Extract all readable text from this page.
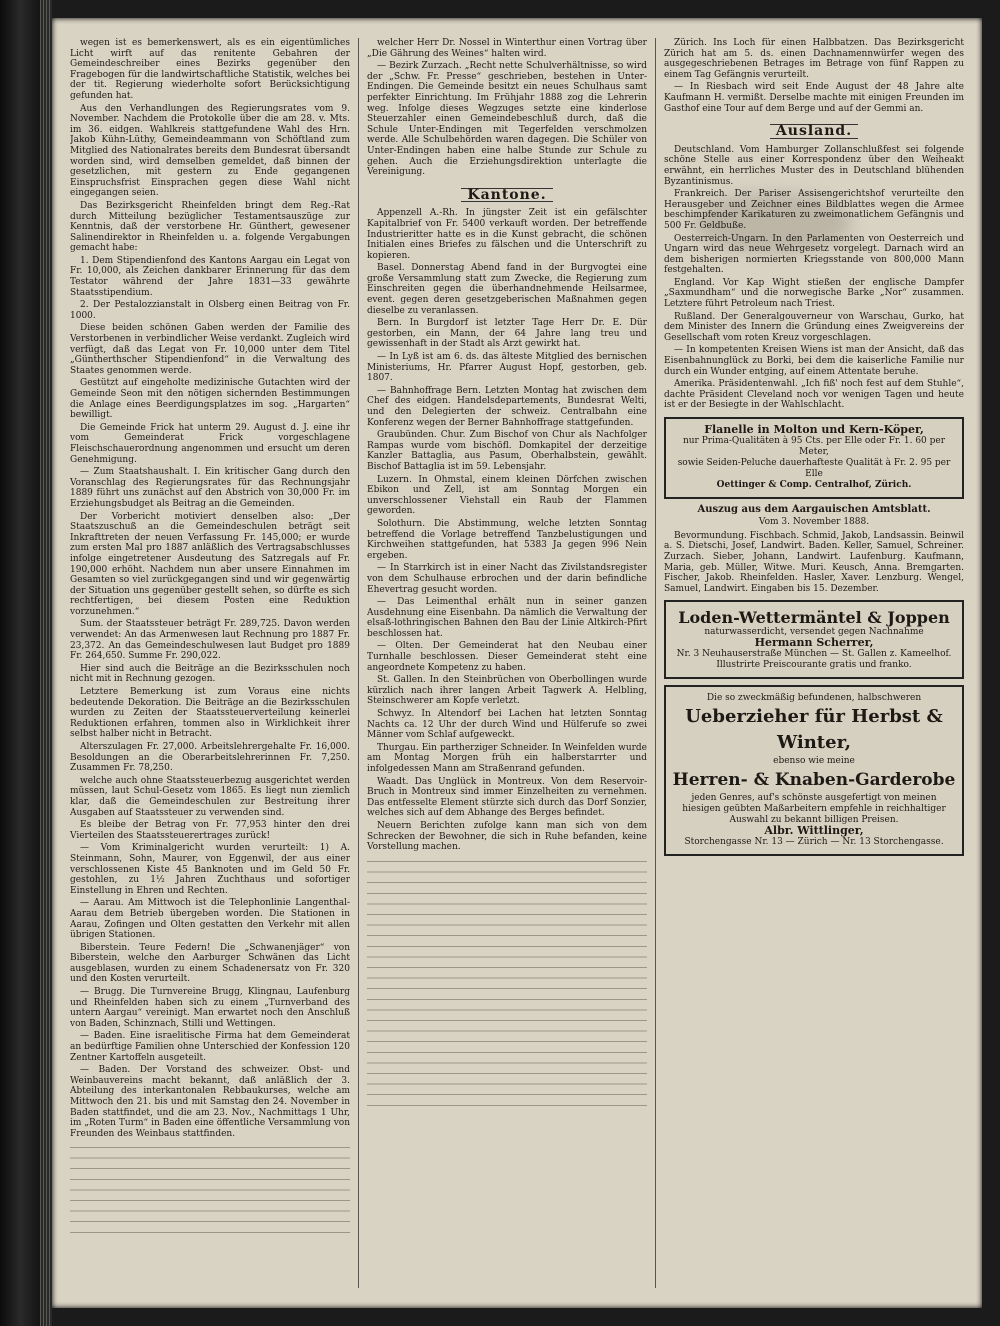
wegen ist es bemerkenswert, als es ein eigentümliches Licht wirft auf das renitente Gebahren der Gemeindeschreiber eines Bezirks gegenüber den Fragebogen für die landwirtschaftliche Statistik, welches bei der tit. Regierung wiederholte sofort Berücksichtigung gefunden hat.

Aus den Verhandlungen des Regierungsrates vom 9. November. Nachdem die Protokolle über die am 28. v. Mts. im 36. eidgen. Wahlkreis stattgefundene Wahl des Hrn. Jakob Kühn-Lüthy, Gemeindeammann von Schöftland zum Mitglied des Nationalrates bereits dem Bundesrat übersandt worden sind, wird demselben gemeldet, daß binnen der gesetzlichen, mit gestern zu Ende gegangenen Einspruchsfrist Einsprachen gegen diese Wahl nicht eingegangen seien.

Das Bezirksgericht Rheinfelden bringt dem Reg.-Rat durch Mitteilung bezüglicher Testamentsauszüge zur Kenntnis, daß der verstorbene Hr. Günthert, gewesener Salinendirektor in Rheinfelden u. a. folgende Vergabungen gemacht habe:

1. Dem Stipendienfond des Kantons Aargau ein Legat von Fr. 10,000, als Zeichen dankbarer Erinnerung für das dem Testator während der Jahre 1831—33 gewährte Staatsstipendium.

2. Der Pestalozzianstalt in Olsberg einen Beitrag von Fr. 1000.

Diese beiden schönen Gaben werden der Familie des Verstorbenen in verbindlicher Weise verdankt. Zugleich wird verfügt, daß das Legat von Fr. 10,000 unter dem Titel „Güntherthscher Stipendienfond“ in die Verwaltung des Staates genommen werde.

Gestützt auf eingeholte medizinische Gutachten wird der Gemeinde Seon mit den nötigen sichernden Bestimmungen die Anlage eines Beerdigungsplatzes im sog. „Hargarten“ bewilligt.

Die Gemeinde Frick hat unterm 29. August d. J. eine ihr vom Gemeinderat Frick vorgeschlagene Fleischschauerordnung angenommen und ersucht um deren Genehmigung.

— Zum Staatshaushalt. I. Ein kritischer Gang durch den Voranschlag des Regierungsrates für das Rechnungsjahr 1889 führt uns zunächst auf den Abstrich von 30,000 Fr. im Erziehungsbudget als Beitrag an die Gemeinden.

Der Vorbericht motiviert denselben also: „Der Staatszuschuß an die Gemeindeschulen beträgt seit Inkrafttreten der neuen Verfassung Fr. 145,000; er wurde zum ersten Mal pro 1887 anläßlich des Vertragsabschlusses infolge eingetretener Ausdeutung des Satzregals auf Fr. 190,000 erhöht. Nachdem nun aber unsere Einnahmen im Gesamten so viel zurückgegangen sind und wir gegenwärtig der Situation uns gegenüber gestellt sehen, so dürfte es sich rechtfertigen, bei diesem Posten eine Reduktion vorzunehmen.“

Sum. der Staatssteuer beträgt Fr. 289,725. Davon werden verwendet: An das Armenwesen laut Rechnung pro 1887 Fr. 23,372. An das Gemeindeschulwesen laut Budget pro 1889 Fr. 264,650. Summe Fr. 290,022.

Hier sind auch die Beiträge an die Bezirksschulen noch nicht mit in Rechnung gezogen.

Letztere Bemerkung ist zum Voraus eine nichts bedeutende Dekoration. Die Beiträge an die Bezirksschulen wurden zu Zeiten der Staatssteuerverteilung keinerlei Reduktionen erfahren, tommen also in Wirklichkeit ihrer selbst halber nicht in Betracht.

Alterszulagen Fr. 27,000. Arbeitslehrergehalte Fr. 16,000. Besoldungen an die Oberarbeitslehrerinnen Fr. 7,250. Zusammen Fr. 78,250.

welche auch ohne Staatssteuerbezug ausgerichtet werden müssen, laut Schul-Gesetz vom 1865. Es liegt nun ziemlich klar, daß die Gemeindeschulen zur Bestreitung ihrer Ausgaben auf Staatssteuer zu verwenden sind.

Es bleibe der Betrag von Fr. 77,953 hinter den drei Vierteilen des Staatssteuerertrages zurück!

— Vom Kriminalgericht wurden verurteilt: 1) A. Steinmann, Sohn, Maurer, von Eggenwil, der aus einer verschlossenen Kiste 45 Banknoten und im Geld 50 Fr. gestohlen, zu 1½ Jahren Zuchthaus und sofortiger Einstellung in Ehren und Rechten.

— Aarau. Am Mittwoch ist die Telephonlinie Langenthal-Aarau dem Betrieb übergeben worden. Die Stationen in Aarau, Zofingen und Olten gestatten den Verkehr mit allen übrigen Stationen.

Biberstein. Teure Federn! Die „Schwanenjäger“ von Biberstein, welche den Aarburger Schwänen das Licht ausgeblasen, wurden zu einem Schadenersatz von Fr. 320 und den Kosten verurteilt.

— Brugg. Die Turnvereine Brugg, Klingnau, Laufenburg und Rheinfelden haben sich zu einem „Turnverband des untern Aargau“ vereinigt. Man erwartet noch den Anschluß von Baden, Schinznach, Stilli und Wettingen.

— Baden. Eine israelitische Firma hat dem Gemeinderat an bedürftige Familien ohne Unterschied der Konfession 120 Zentner Kartoffeln ausgeteilt.

— Baden. Der Vorstand des schweizer. Obst- und Weinbauvereins macht bekannt, daß anläßlich der 3. Abteilung des interkantonalen Rebbaukurses, welche am Mittwoch den 21. bis und mit Samstag den 24. November in Baden stattfindet, und die am 23. Nov., Nachmittags 1 Uhr, im „Roten Turm“ in Baden eine öffentliche Versammlung von Freunden des Weinbaus stattfinden.

welcher Herr Dr. Nossel in Winterthur einen Vortrag über „Die Gährung des Weines“ halten wird.

— Bezirk Zurzach. „Recht nette Schulverhältnisse, so wird der „Schw. Fr. Presse“ geschrieben, bestehen in Unter-Endingen. Die Gemeinde besitzt ein neues Schulhaus samt perfekter Einrichtung. Im Frühjahr 1888 zog die Lehrerin weg. Infolge dieses Wegzuges setzte eine kinderlose Steuerzahler einen Gemeindebeschluß durch, daß die Schule Unter-Endingen mit Tegerfelden verschmolzen werde. Alle Schulbehörden waren dagegen. Die Schüler von Unter-Endingen haben eine halbe Stunde zur Schule zu gehen. Auch die Erziehungsdirektion unterlagte die Vereinigung.

Kantone.

Appenzell A.-Rh. In jüngster Zeit ist ein gefälschter Kapitalbrief von Fr. 5400 verkauft worden. Der betreffende Industrieritter hatte es in die Kunst gebracht, die schönen Initialen eines Briefes zu fälschen und die Unterschrift zu kopieren.

Basel. Donnerstag Abend fand in der Burgvogtei eine große Versammlung statt zum Zwecke, die Regierung zum Einschreiten gegen die überhandnehmende Heilsarmee, event. gegen deren gesetzgeberischen Maßnahmen gegen dieselbe zu veranlassen.

Bern. In Burgdorf ist letzter Tage Herr Dr. E. Dür gestorben, ein Mann, der 64 Jahre lang treu und gewissenhaft in der Stadt als Arzt gewirkt hat.

— In Lyß ist am 6. ds. das älteste Mitglied des bernischen Ministeriums, Hr. Pfarrer August Hopf, gestorben, geb. 1807.

— Bahnhoffrage Bern. Letzten Montag hat zwischen dem Chef des eidgen. Handelsdepartements, Bundesrat Welti, und den Delegierten der schweiz. Centralbahn eine Konferenz wegen der Berner Bahnhoffrage stattgefunden.

Graubünden. Chur. Zum Bischof von Chur als Nachfolger Rampas wurde vom bischöfl. Domkapitel der derzeitige Kanzler Battaglia, aus Pasum, Oberhalbstein, gewählt. Bischof Battaglia ist im 59. Lebensjahr.

Luzern. In Ohmstal, einem kleinen Dörfchen zwischen Ebikon und Zell, ist am Sonntag Morgen ein unverschlossener Viehstall ein Raub der Flammen geworden.

Solothurn. Die Abstimmung, welche letzten Sonntag betreffend die Vorlage betreffend Tanzbelustigungen und Kirchweihen stattgefunden, hat 5383 Ja gegen 996 Nein ergeben.

— In Starrkirch ist in einer Nacht das Zivilstandsregister von dem Schulhause erbrochen und der darin befindliche Ehevertrag gesucht worden.

— Das Leimenthal erhält nun in seiner ganzen Ausdehnung eine Eisenbahn. Da nämlich die Verwaltung der elsaß-lothringischen Bahnen den Bau der Linie Altkirch-Pfirt beschlossen hat.

— Olten. Der Gemeinderat hat den Neubau einer Turnhalle beschlossen. Dieser Gemeinderat steht eine angeordnete Kompetenz zu haben.

St. Gallen. In den Steinbrüchen von Oberbollingen wurde kürzlich nach ihrer langen Arbeit Tagwerk A. Helbling, Steinschwerer am Kopfe verletzt.

Schwyz. In Altendorf bei Lachen hat letzten Sonntag Nachts ca. 12 Uhr der durch Wind und Hülferufe so zwei Männer vom Schlaf aufgeweckt.

Thurgau. Ein partherziger Schneider. In Weinfelden wurde am Montag Morgen früh ein halberstarrter und infolgedessen Mann am Straßenrand gefunden.

Waadt. Das Unglück in Montreux. Von dem Reservoir-Bruch in Montreux sind immer Einzelheiten zu vernehmen. Das entfesselte Element stürzte sich durch das Dorf Sonzier, welches sich auf dem Abhange des Berges befindet.

Neuern Berichten zufolge kann man sich von dem Schrecken der Bewohner, die sich in Ruhe befanden, keine Vorstellung machen.

Zürich. Ins Loch für einen Halbbatzen. Das Bezirksgericht Zürich hat am 5. ds. einen Dachnamennwürfer wegen des ausgegeschriebenen Betrages im Betrage von fünf Rappen zu einem Tag Gefängnis verurteilt.

— In Riesbach wird seit Ende August der 48 Jahre alte Kaufmann H. vermißt. Derselbe machte mit einigen Freunden im Gasthof eine Tour auf dem Berge und auf der Gemmi an.

Ausland.

Deutschland. Vom Hamburger Zollanschlußfest sei folgende schöne Stelle aus einer Korrespondenz über den Weiheakt erwähnt, ein herrliches Muster des in Deutschland blühenden Byzantinismus.

Frankreich. Der Pariser Assisengerichtshof verurteilte den Herausgeber und Zeichner eines Bildblattes wegen die Armee beschimpfender Karikaturen zu zweimonatlichem Gefängnis und 500 Fr. Geldbuße.

Oesterreich-Ungarn. In den Parlamenten von Oesterreich und Ungarn wird das neue Wehrgesetz vorgelegt. Darnach wird an dem bisherigen normierten Kriegsstande von 800,000 Mann festgehalten.

England. Vor Kap Wight stießen der englische Dampfer „Saxmundham“ und die norwegische Barke „Nor“ zusammen. Letztere führt Petroleum nach Triest.

Rußland. Der Generalgouverneur von Warschau, Gurko, hat dem Minister des Innern die Gründung eines Zweigvereins der Gesellschaft vom roten Kreuz vorgeschlagen.

— In kompetenten Kreisen Wiens ist man der Ansicht, daß das Eisenbahnunglück zu Borki, bei dem die kaiserliche Familie nur durch ein Wunder entging, auf einem Attentate beruhe.

Amerika. Präsidentenwahl. „Ich fiß' noch fest auf dem Stuhle“, dachte Präsident Cleveland noch vor wenigen Tagen und heute ist er der Besiegte in der Wahlschlacht.

Flanelle in Molton und Kern-Köper,
nur Prima-Qualitäten à 95 Cts. per Elle oder Fr. 1. 60 per Meter,
sowie Seiden-Peluche dauerhafteste Qualität à Fr. 2. 95 per Elle
Oettinger & Comp. Centralhof, Zürich.
Auszug aus dem Aargauischen Amtsblatt.
Vom 3. November 1888.

Bevormundung. Fischbach. Schmid, Jakob, Landsassin. Beinwil a. S. Dietschi, Josef, Landwirt. Baden. Keller, Samuel, Schreiner. Zurzach. Sieber, Johann, Landwirt. Laufenburg. Kaufmann, Maria, geb. Müller, Witwe. Muri. Keusch, Anna. Bremgarten. Fischer, Jakob. Rheinfelden. Hasler, Xaver. Lenzburg. Wengel, Samuel, Landwirt. Eingaben bis 15. Dezember.

Loden-Wettermäntel & Joppen
naturwasserdicht, versendet gegen Nachnahme
Hermann Scherrer,
Nr. 3 Neuhauserstraße München — St. Gallen z. Kameelhof.
Illustrirte Preiscourante gratis und franko.
Die so zweckmäßig befundenen, halbschweren
Ueberzieher für Herbst & Winter,
ebenso wie meine
Herren- & Knaben-Garderobe
jeden Genres, auf's schönste ausgefertigt von meinen hiesigen geübten Maßarbeitern empfehle in reichhaltiger Auswahl zu bekannt billigen Preisen.
Albr. Wittlinger,
Storchengasse Nr. 13 — Zürich — Nr. 13 Storchengasse.
